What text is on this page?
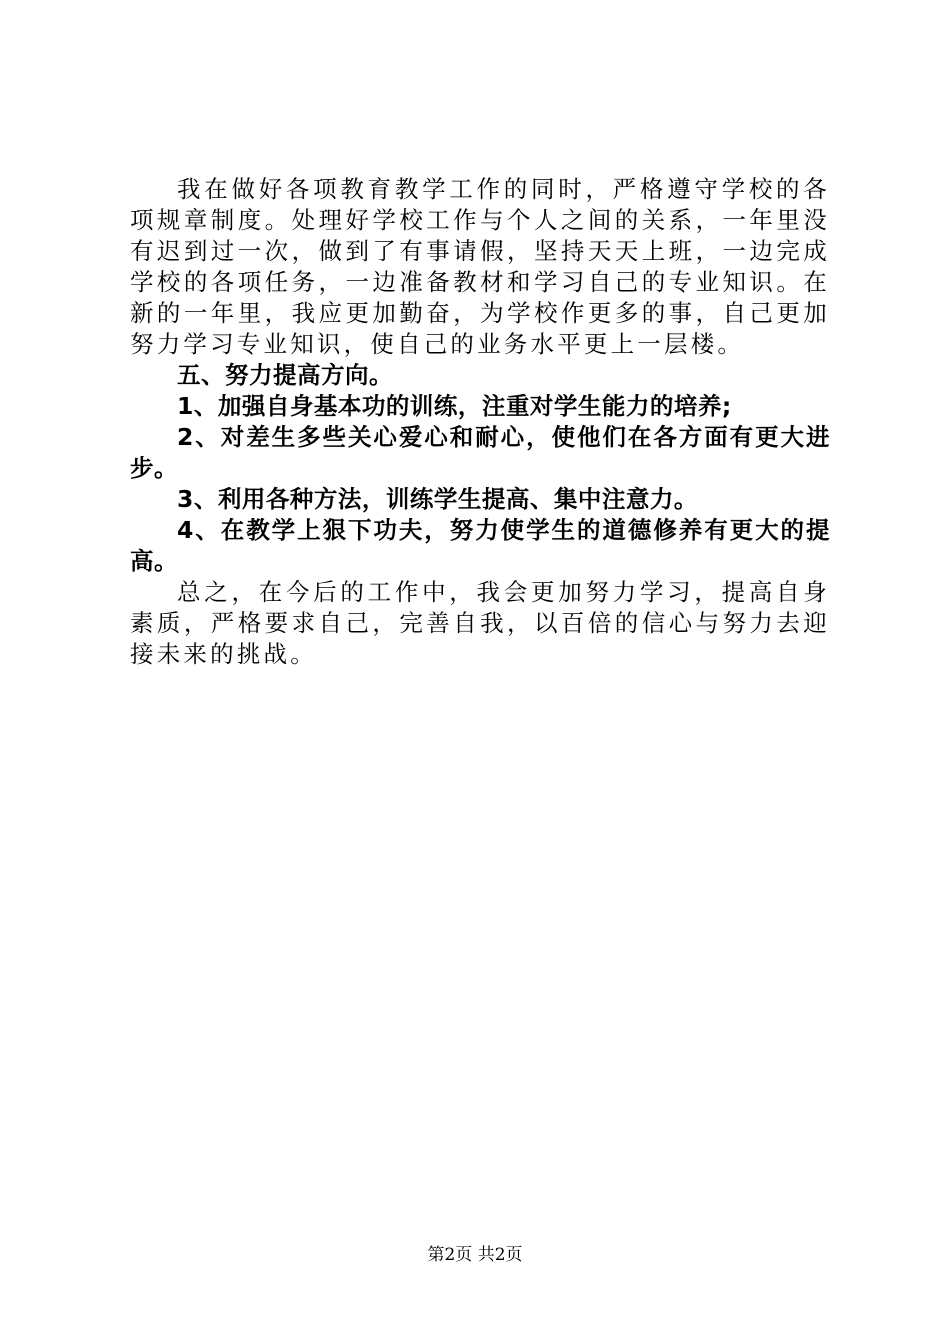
我在做好各项教育教学工作的同时，严格遵守学校的各项规章制度。处理好学校工作与个人之间的关系，一年里没有迟到过一次，做到了有事请假，坚持天天上班，一边完成学校的各项任务，一边准备教材和学习自己的专业知识。在新的一年里，我应更加勤奋，为学校作更多的事，自己更加努力学习专业知识，使自己的业务水平更上一层楼。

五、努力提高方向。

1、加强自身基本功的训练，注重对学生能力的培养;

2、对差生多些关心爱心和耐心，使他们在各方面有更大进步。

3、利用各种方法，训练学生提高、集中注意力。

4、在教学上狠下功夫，努力使学生的道德修养有更大的提高。

总之，在今后的工作中，我会更加努力学习，提高自身素质，严格要求自己，完善自我，以百倍的信心与努力去迎接未来的挑战。

第2页 共2页
